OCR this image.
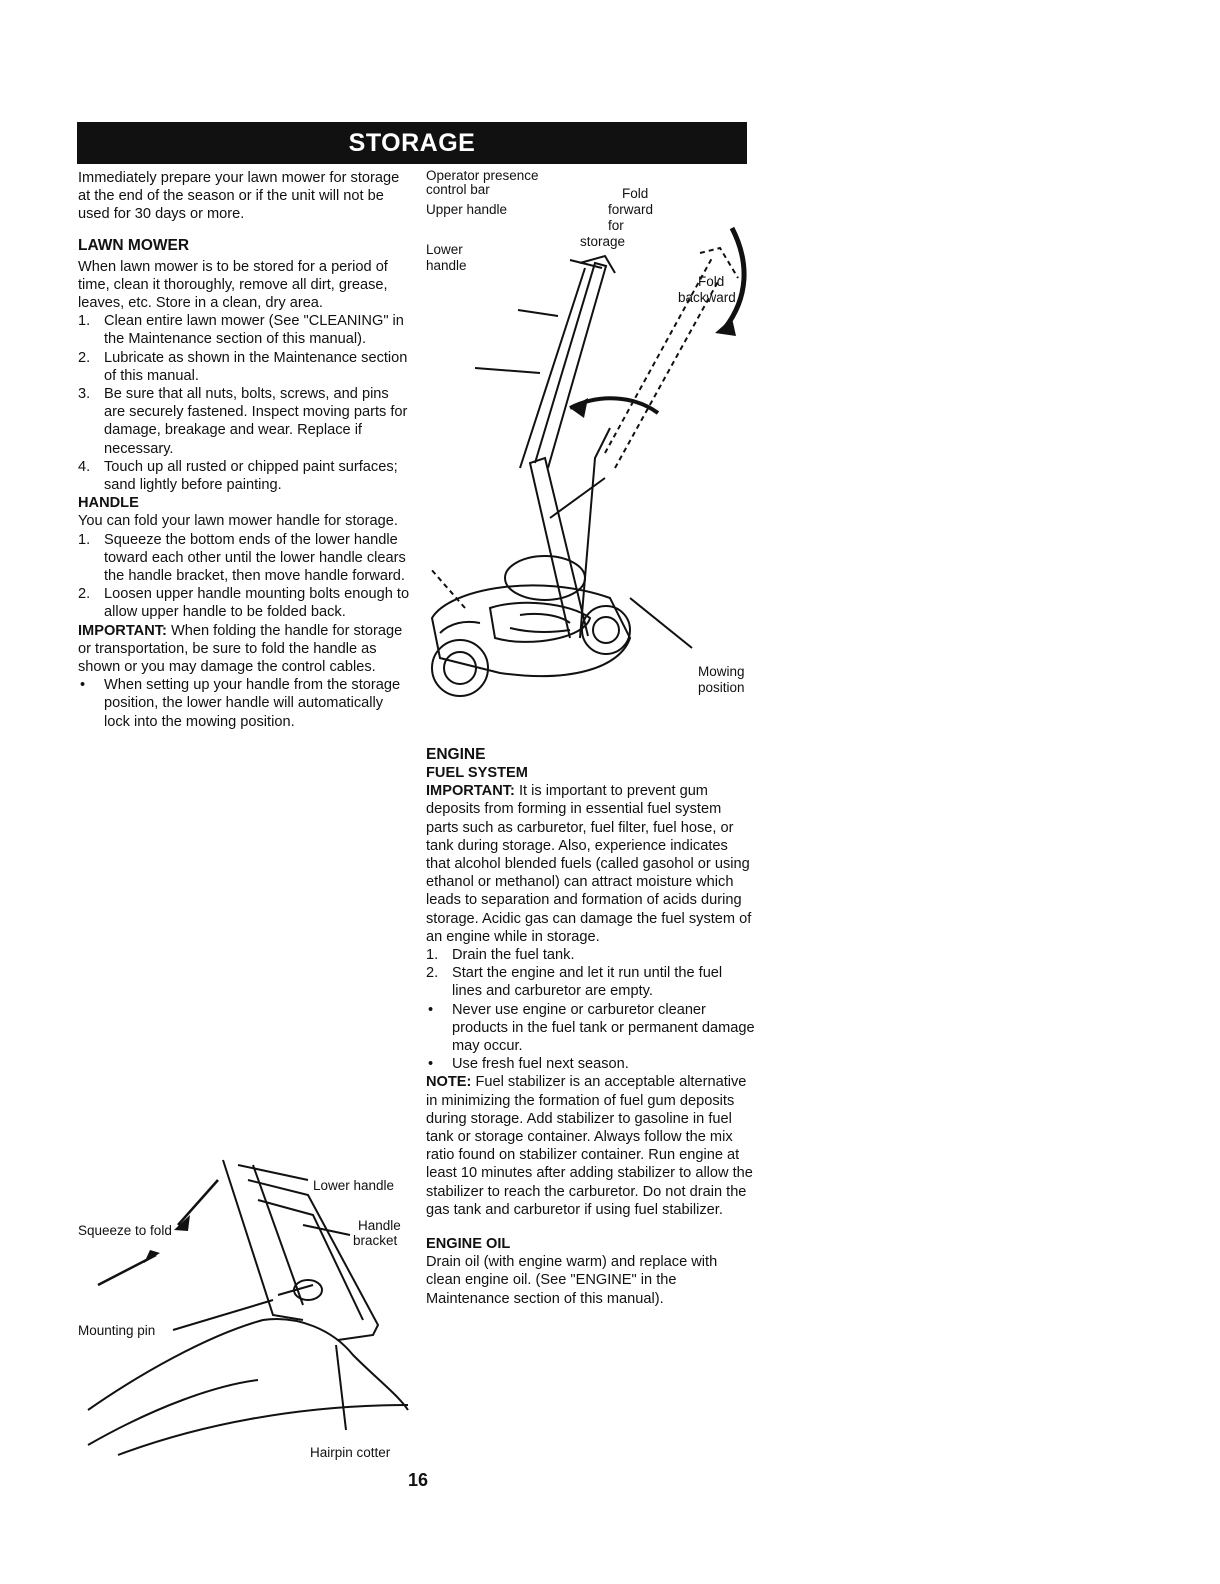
STORAGE

Immediately prepare your lawn mower for storage at the end of the season or if the unit will not be used for 30 days or more.

LAWN MOWER

When lawn mower is to be stored for a period of time, clean it thoroughly, remove all dirt, grease, leaves, etc. Store in a clean, dry area.

1. Clean entire lawn mower (See "CLEANING" in the Maintenance section of this manual).
2. Lubricate as shown in the Maintenance section of this manual.
3. Be sure that all nuts, bolts, screws, and pins are securely fastened. Inspect moving parts for damage, breakage and wear. Replace if necessary.
4. Touch up all rusted or chipped paint surfaces; sand lightly before painting.

HANDLE

You can fold your lawn mower handle for storage.

1. Squeeze the bottom ends of the lower handle toward each other until the lower handle clears the handle bracket, then move handle forward.
2. Loosen upper handle mounting bolts enough to allow upper handle to be folded back.

IMPORTANT: When folding the handle for storage or transportation, be sure to fold the handle as shown or you may damage the control cables.

• When setting up your handle from the storage position, the lower handle will automatically lock into the mowing position.
Operator presence
control bar
Upper handle
Lower
handle
Fold
forward
for
storage
Fold
backward
Mowing
position

ENGINE

FUEL SYSTEM

IMPORTANT: It is important to prevent gum deposits from forming in essential fuel system parts such as carburetor, fuel filter, fuel hose, or tank during storage. Also, experience indicates that alcohol blended fuels (called gasohol or using ethanol or methanol) can attract moisture which leads to separation and formation of acids during storage. Acidic gas can damage the fuel system of an engine while in storage.

1. Drain the fuel tank.
2. Start the engine and let it run until the fuel lines and carburetor are empty.
• Never use engine or carburetor cleaner products in the fuel tank or permanent damage may occur.
• Use fresh fuel next season.

NOTE: Fuel stabilizer is an acceptable alternative in minimizing the formation of fuel gum deposits during storage. Add stabilizer to gasoline in fuel tank or storage container. Always follow the mix ratio found on stabilizer container. Run engine at least 10 minutes after adding stabilizer to allow the stabilizer to reach the carburetor. Do not drain the gas tank and carburetor if using fuel stabilizer.

ENGINE OIL

Drain oil (with engine warm) and replace with clean engine oil. (See "ENGINE" in the Maintenance section of this manual).

Lower handle
Handle
bracket
Squeeze to fold
Mounting pin
Hairpin cotter
16
